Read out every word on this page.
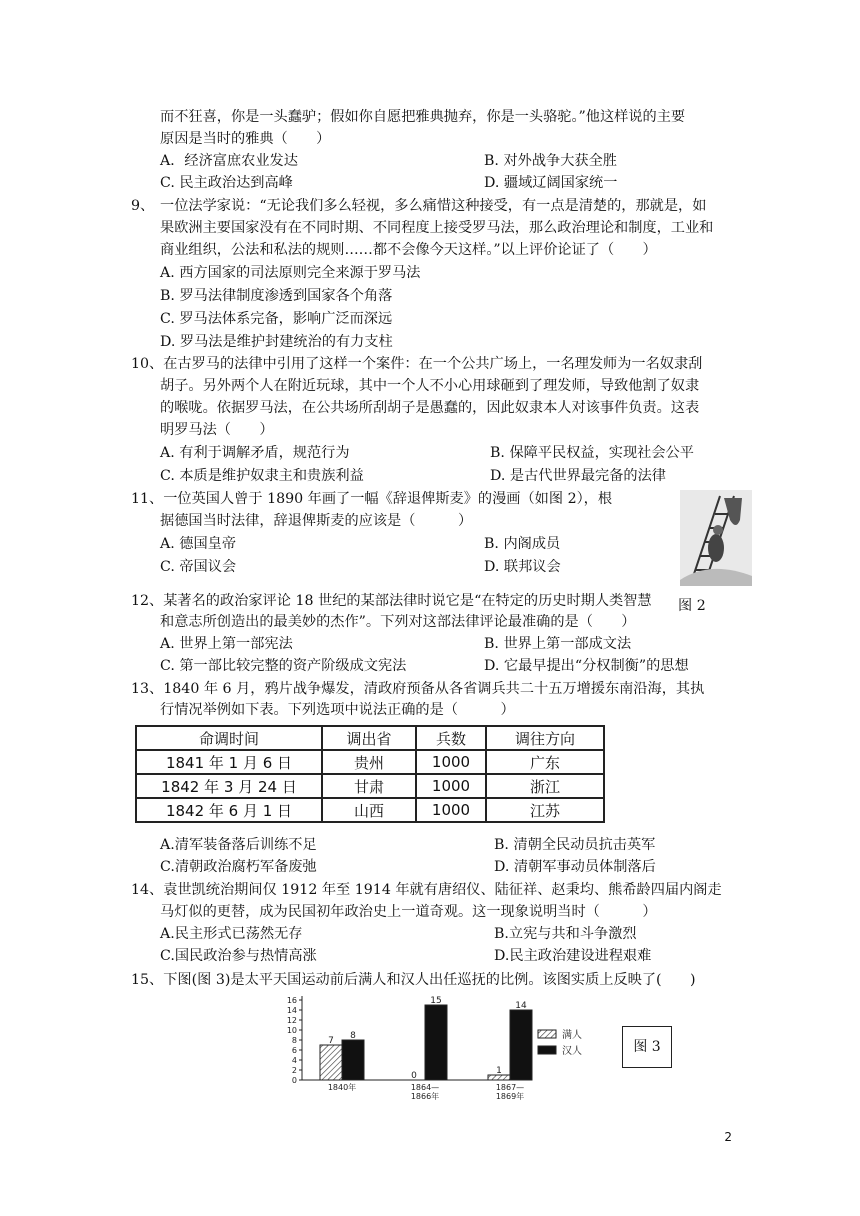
而不狂喜，你是一头蠢驴；假如你自愿把雅典抛弃，你是一头骆驼。”他这样说的主要
原因是当时的雅典（　　）
A．经济富庶农业发达	B. 对外战争大获全胜
C. 民主政治达到高峰	D. 疆域辽阔国家统一
9、 一位法学家说：“无论我们多么轻视，多么痛惜这种接受，有一点是清楚的，那就是，如
果欧洲主要国家没有在不同时期、不同程度上接受罗马法，那么政治理论和制度，工业和
商业组织，公法和私法的规则……都不会像今天这样。”以上评价论证了（　　）
A. 西方国家的司法原则完全来源于罗马法
B. 罗马法律制度渗透到国家各个角落
C. 罗马法体系完备，影响广泛而深远
D. 罗马法是维护封建统治的有力支柱
10、在古罗马的法律中引用了这样一个案件：在一个公共广场上，一名理发师为一名奴隶刮
胡子。另外两个人在附近玩球，其中一个人不小心用球砸到了理发师，导致他割了奴隶
的喉咙。依据罗马法，在公共场所刮胡子是愚蠢的，因此奴隶本人对该事件负责。这表
明罗马法（　　）
A. 有利于调解矛盾，规范行为	B. 保障平民权益，实现社会公平
C. 本质是维护奴隶主和贵族利益	D. 是古代世界最完备的法律
11、一位英国人曾于 1890 年画了一幅《辞退俾斯麦》的漫画（如图 2），根
据德国当时法律，辞退俾斯麦的应该是（　　　）
A. 德国皇帝	B. 内阁成员
C. 帝国议会	D. 联邦议会
图 2
12、某著名的政治家评论 18 世纪的某部法律时说它是“在特定的历史时期人类智慧
和意志所创造出的最美妙的杰作”。下列对这部法律评论最准确的是（　　）
A. 世界上第一部宪法	B. 世界上第一部成文法
C. 第一部比较完整的资产阶级成文宪法	D. 它最早提出“分权制衡”的思想
13、1840 年 6 月，鸦片战争爆发，清政府预备从各省调兵共二十五万增援东南沿海，其执
行情况举例如下表。下列选项中说法正确的是（　　　）
命调时间	调出省	兵数	调往方向
1841 年 1 月 6 日	贵州	1000	广东
1842 年 3 月 24 日	甘肃	1000	浙江
1842 年 6 月 1 日	山西	1000	江苏
A.清军装备落后训练不足	B. 清朝全民动员抗击英军
C.清朝政治腐朽军备废弛	D. 清朝军事动员体制落后
14、袁世凯统治期间仅 1912 年至 1914 年就有唐绍仪、陆征祥、赵秉均、熊希龄四届内阁走
马灯似的更替，成为民国初年政治史上一道奇观。这一现象说明当时（　　　）
A.民主形式已荡然无存	B.立宪与共和斗争激烈
C.国民政治参与热情高涨	D.民主政治建设进程艰难
15、下图(图 3)是太平天国运动前后满人和汉人出任巡抚的比例。该图实质上反映了(　　)
0
2
4
6
8
10
12
14
16
1840年	1864—
1866年
1867—
1869年
7 8
0
15
1
14
满人
汉人	图 3
2
